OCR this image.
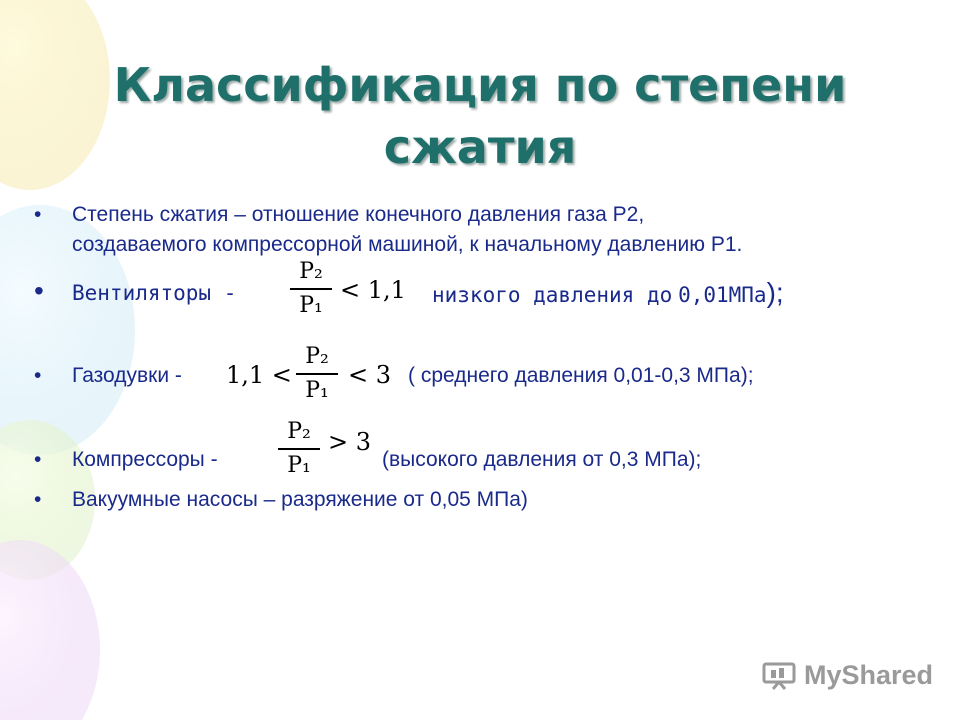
Классификация по степени
сжатия
• Степень сжатия – отношение конечного давления газа Р2,
создаваемого компрессорной машиной, к начальному давлению Р1.
• Вентиляторы -
P₂
P₁
< 1,1 низкого давления до 0,01МПа);
• Газодувки - 1,1 <
P₂
P₁
< 3 ( среднего давления 0,01-0,3 МПа);
• Компрессоры -
P₂
P₁
> 3
(высокого давления от 0,3 МПа);
• Вакуумные насосы – разряжение от 0,05 МПа)
MyShared
